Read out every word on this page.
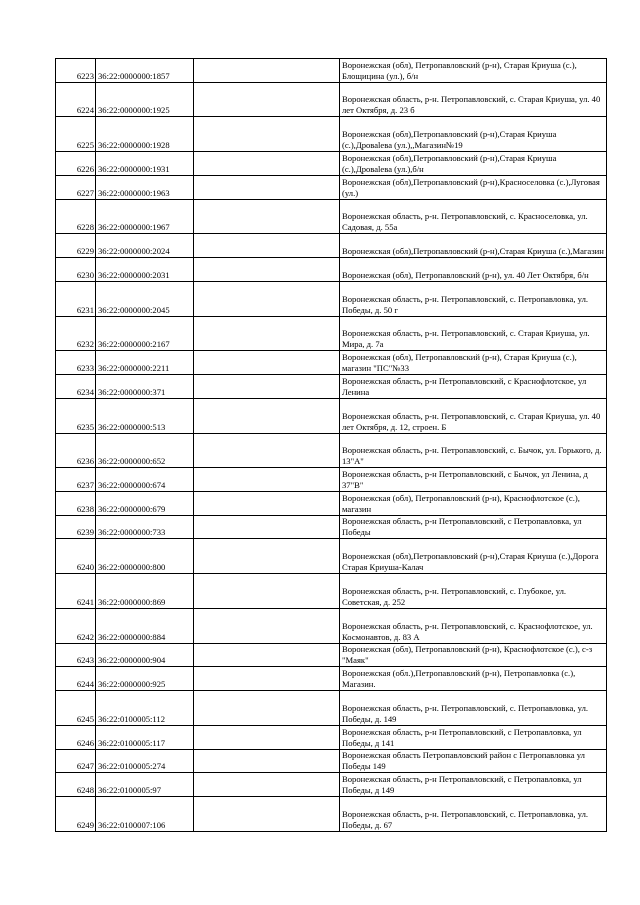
6223	36:22:0000000:1857		Воронежская (обл), Петропавловский (р-н), Старая Криуша (с.), Блощицина (ул.), б/н
6224	36:22:0000000:1925		Воронежская область, р-н. Петропавловский, с. Старая Криуша, ул. 40 лет Октября, д. 23 б
6225	36:22:0000000:1928		Воронежская (обл),Петропавловский (р-н),Старая Криуша (с.),Дроваleва (ул.),,Магазин№19
6226	36:22:0000000:1931		Воронежская (обл),Петропавловский (р-н),Старая Криуша (с.),Дроваleва (ул.),б/н
6227	36:22:0000000:1963		Воронежская (обл),Петропавловский (р-н),Красноселовка (с.),Луговая (ул.)
6228	36:22:0000000:1967		Воронежская область, р-н. Петропавловский, с. Красноселовка, ул. Садовая, д. 55а
6229	36:22:0000000:2024		Воронежская (обл),Петропавловский (р-н),Старая Криуша (с.),Магазин
6230	36:22:0000000:2031		Воронежская (обл), Петропавловский (р-н), ул. 40 Лет Октября, б/н
6231	36:22:0000000:2045		Воронежская область, р-н. Петропавловский, с. Петропавловка, ул. Победы, д. 50 г
6232	36:22:0000000:2167		Воронежская область, р-н. Петропавловский, с. Старая Криуша, ул. Мира, д. 7а
6233	36:22:0000000:2211		Воронежская (обл), Петропавловский (р-н), Старая Криуша (с.), магазин "ПС"№33
6234	36:22:0000000:371		Воронежская область, р-н Петропавловский, с Краснофлотское, ул Ленина
6235	36:22:0000000:513		Воронежская область, р-н. Петропавловский, с. Старая Криуша, ул. 40 лет Октября, д. 12, строен. Б
6236	36:22:0000000:652		Воронежская область, р-н. Петропавловский, с. Бычок, ул. Горького, д. 13"А"
6237	36:22:0000000:674		Воронежская область, р-н Петропавловский, с Бычок, ул Ленина, д 37"В"
6238	36:22:0000000:679		Воронежская (обл), Петропавловский (р-н), Краснофлотское (с.), магазин
6239	36:22:0000000:733		Воронежская область, р-н Петропавловский, с Петропавловка, ул Победы
6240	36:22:0000000:800		Воронежская (обл),Петропавловский (р-н),Старая Криуша (с.),Дорога Старая Криуша-Калач
6241	36:22:0000000:869		Воронежская область, р-н. Петропавловский, с. Глубокое, ул. Советская, д. 252
6242	36:22:0000000:884		Воронежская область, р-н. Петропавловский, с. Краснофлотское, ул. Космонавтов, д. 83 А
6243	36:22:0000000:904		Воронежская (обл), Петропавловский (р-н), Краснофлотское (с.), с-з "Маяк"
6244	36:22:0000000:925		Воронежская (обл.),Петропавловский (р-н), Петропавловка (с.), Магазин.
6245	36:22:0100005:112		Воронежская область, р-н. Петропавловский, с. Петропавловка, ул. Победы, д. 149
6246	36:22:0100005:117		Воронежская область, р-н Петропавловский, с Петропавловка, ул Победы, д 141
6247	36:22:0100005:274		Воронежская область Петропавловский район с Петропавловка ул Победы 149
6248	36:22:0100005:97		Воронежская область, р-н Петропавловский, с Петропавловка, ул Победы, д 149
6249	36:22:0100007:106		Воронежская область, р-н. Петропавловский, с. Петропавловка, ул. Победы, д. 67
